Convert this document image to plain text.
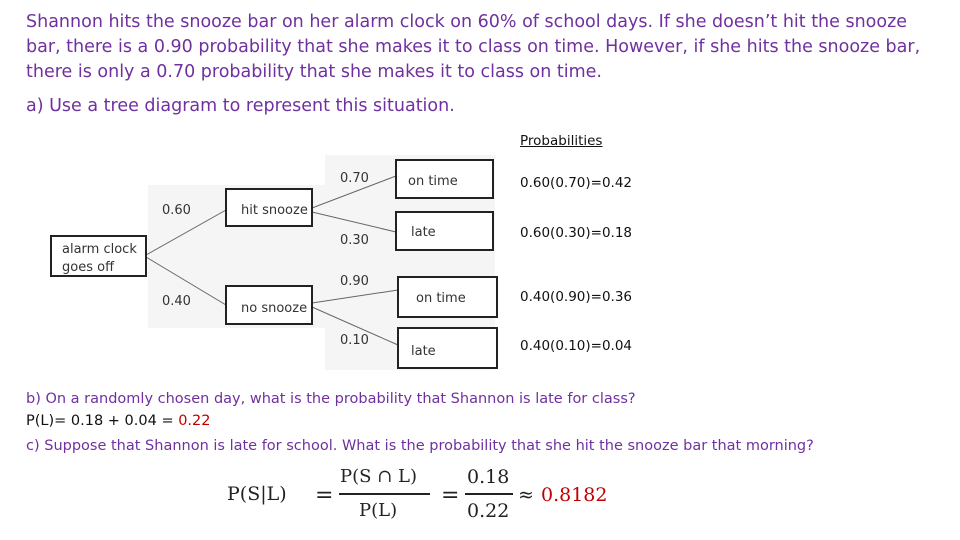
Shannon hits the snooze bar on her alarm clock on 60% of school days. If she doesn’t hit the snooze bar, there is a 0.90 probability that she makes it to class on time. However, if she hits the snooze bar, there is only a 0.70 probability that she makes it to class on time.
a) Use a tree diagram to represent this situation.
alarm clock
goes off
0.60	hit snooze
0.40	no snooze
0.70	on time
0.30
late
0.90
on time
0.10
late
Probabilities
0.60(0.70)=0.42
0.60(0.30)=0.18
0.40(0.90)=0.36
0.40(0.10)=0.04
b) On a randomly chosen day, what is the probability that Shannon is late for class?
P(L)= 0.18 + 0.04 = 0.22
c) Suppose that Shannon is late for school. What is the probability that she hit the snooze bar that morning?
P(S|L) =
P(S ∩ L)
P(L)
=
0.18
0.22
≈ 0.8182
